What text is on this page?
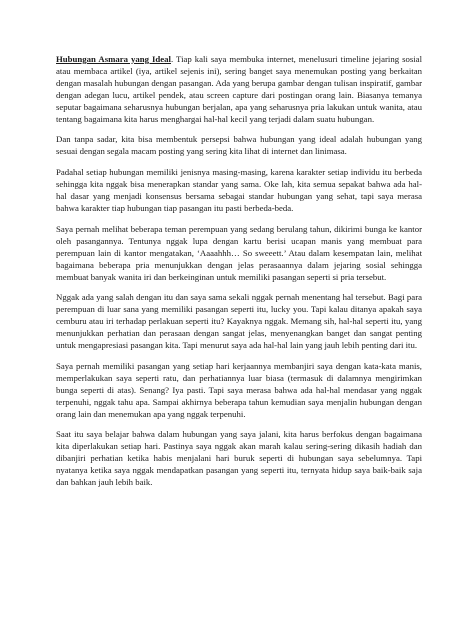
Hubungan Asmara yang Ideal. Tiap kali saya membuka internet, menelusuri timeline jejaring sosial atau membaca artikel (iya, artikel sejenis ini), sering banget saya menemukan posting yang berkaitan dengan masalah hubungan dengan pasangan. Ada yang berupa gambar dengan tulisan inspiratif, gambar dengan adegan lucu, artikel pendek, atau screen capture dari postingan orang lain. Biasanya temanya seputar bagaimana seharusnya hubungan berjalan, apa yang seharusnya pria lakukan untuk wanita, atau tentang bagaimana kita harus menghargai hal-hal kecil yang terjadi dalam suatu hubungan.

Dan tanpa sadar, kita bisa membentuk persepsi bahwa hubungan yang ideal adalah hubungan yang sesuai dengan segala macam posting yang sering kita lihat di internet dan linimasa.

Padahal setiap hubungan memiliki jenisnya masing-masing, karena karakter setiap individu itu berbeda sehingga kita nggak bisa menerapkan standar yang sama. Oke lah, kita semua sepakat bahwa ada hal-hal dasar yang menjadi konsensus bersama sebagai standar hubungan yang sehat, tapi saya merasa bahwa karakter tiap hubungan tiap pasangan itu pasti berbeda-beda.

Saya pernah melihat beberapa teman perempuan yang sedang berulang tahun, dikirimi bunga ke kantor oleh pasangannya. Tentunya nggak lupa dengan kartu berisi ucapan manis yang membuat para perempuan lain di kantor mengatakan, ‘Aaaahhh… So sweeett.’ Atau dalam kesempatan lain, melihat bagaimana beberapa pria menunjukkan dengan jelas perasaannya dalam jejaring sosial sehingga membuat banyak wanita iri dan berkeinginan untuk memiliki pasangan seperti si pria tersebut.

Nggak ada yang salah dengan itu dan saya sama sekali nggak pernah menentang hal tersebut. Bagi para perempuan di luar sana yang memiliki pasangan seperti itu, lucky you. Tapi kalau ditanya apakah saya cemburu atau iri terhadap perlakuan seperti itu? Kayaknya nggak. Memang sih, hal-hal seperti itu, yang menunjukkan perhatian dan perasaan dengan sangat jelas, menyenangkan banget dan sangat penting untuk mengapresiasi pasangan kita. Tapi menurut saya ada hal-hal lain yang jauh lebih penting dari itu.

Saya pernah memiliki pasangan yang setiap hari kerjaannya membanjiri saya dengan kata-kata manis, memperlakukan saya seperti ratu, dan perhatiannya luar biasa (termasuk di dalamnya mengirimkan bunga seperti di atas). Senang? Iya pasti. Tapi saya merasa bahwa ada hal-hal mendasar yang nggak terpenuhi, nggak tahu apa. Sampai akhirnya beberapa tahun kemudian saya menjalin hubungan dengan orang lain dan menemukan apa yang nggak terpenuhi.

Saat itu saya belajar bahwa dalam hubungan yang saya jalani, kita harus berfokus dengan bagaimana kita diperlakukan setiap hari. Pastinya saya nggak akan marah kalau sering-sering dikasih hadiah dan dibanjiri perhatian ketika habis menjalani hari buruk seperti di hubungan saya sebelumnya. Tapi nyatanya ketika saya nggak mendapatkan pasangan yang seperti itu, ternyata hidup saya baik-baik saja dan bahkan jauh lebih baik.
